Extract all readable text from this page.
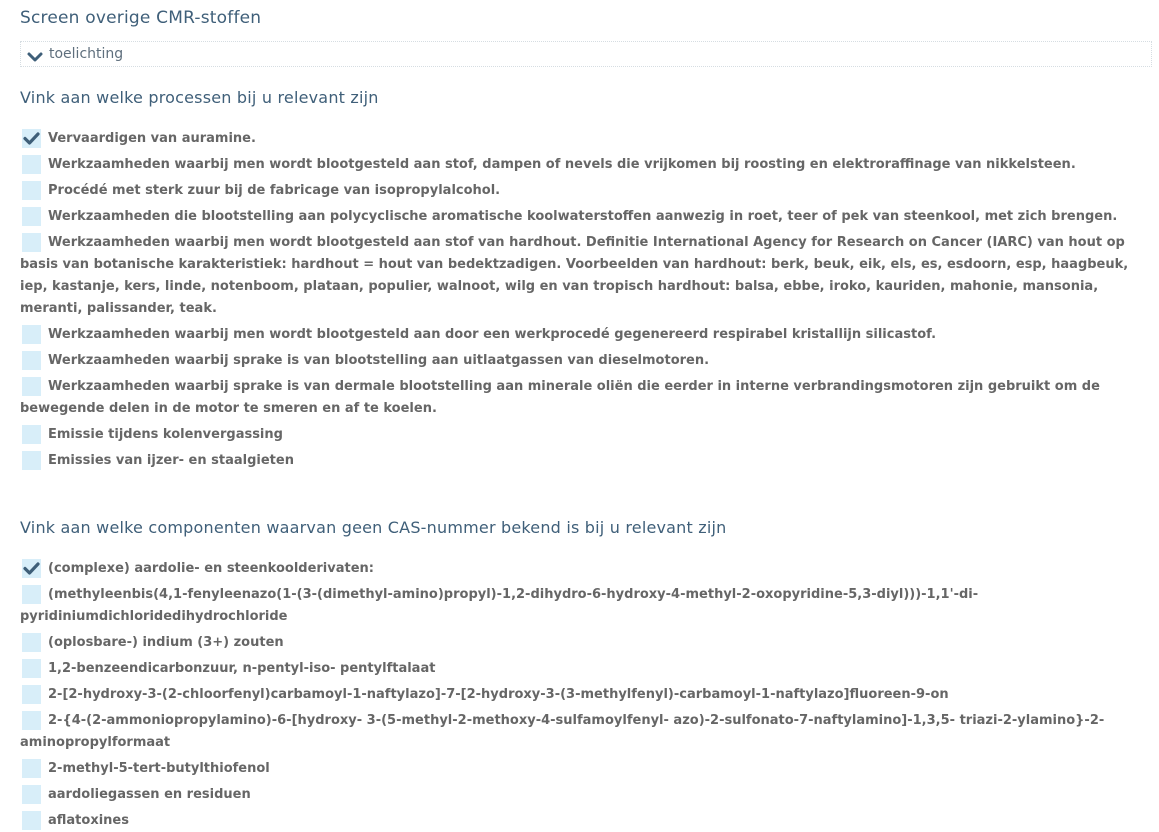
Screen overige CMR-stoffen
toelichting
Vink aan welke processen bij u relevant zijn
Vervaardigen van auramine.
Werkzaamheden waarbij men wordt blootgesteld aan stof, dampen of nevels die vrijkomen bij roosting en elektroraffinage van nikkelsteen.
Procédé met sterk zuur bij de fabricage van isopropylalcohol.
Werkzaamheden die blootstelling aan polycyclische aromatische koolwaterstoffen aanwezig in roet, teer of pek van steenkool, met zich brengen.
Werkzaamheden waarbij men wordt blootgesteld aan stof van hardhout. Definitie International Agency for Research on Cancer (IARC) van hout op basis van botanische karakteristiek: hardhout = hout van bedektzadigen. Voorbeelden van hardhout: berk, beuk, eik, els, es, esdoorn, esp, haagbeuk, iep, kastanje, kers, linde, notenboom, plataan, populier, walnoot, wilg en van tropisch hardhout: balsa, ebbe, iroko, kauriden, mahonie, mansonia, meranti, palissander, teak.
Werkzaamheden waarbij men wordt blootgesteld aan door een werkprocedé gegenereerd respirabel kristallijn silicastof.
Werkzaamheden waarbij sprake is van blootstelling aan uitlaatgassen van dieselmotoren.
Werkzaamheden waarbij sprake is van dermale blootstelling aan minerale oliën die eerder in interne verbrandingsmotoren zijn gebruikt om de bewegende delen in de motor te smeren en af te koelen.
Emissie tijdens kolenvergassing
Emissies van ijzer- en staalgieten
Vink aan welke componenten waarvan geen CAS-nummer bekend is bij u relevant zijn
(complexe) aardolie- en steenkoolderivaten:
(methyleenbis(4,1-fenyleenazo(1-(3-(dimethyl-amino)propyl)-1,2-dihydro-6-hydroxy-4-methyl-2-oxopyridine-5,3-diyl)))-1,1'-di-pyridiniumdichloridedihydrochloride
(oplosbare-) indium (3+) zouten
1,2-benzeendicarbonzuur, n-pentyl-iso- pentylftalaat
2-[2-hydroxy-3-(2-chloorfenyl)carbamoyl-1-naftylazo]-7-[2-hydroxy-3-(3-methylfenyl)-carbamoyl-1-naftylazo]fluoreen-9-on
2-{4-(2-ammoniopropylamino)-6-[hydroxy- 3-(5-methyl-2-methoxy-4-sulfamoylfenyl- azo)-2-sulfonato-7-naftylamino]-1,3,5- triazi-2-ylamino}-2-aminopropylformaat
2-methyl-5-tert-butylthiofenol
aardoliegassen en residuen
aflatoxines
